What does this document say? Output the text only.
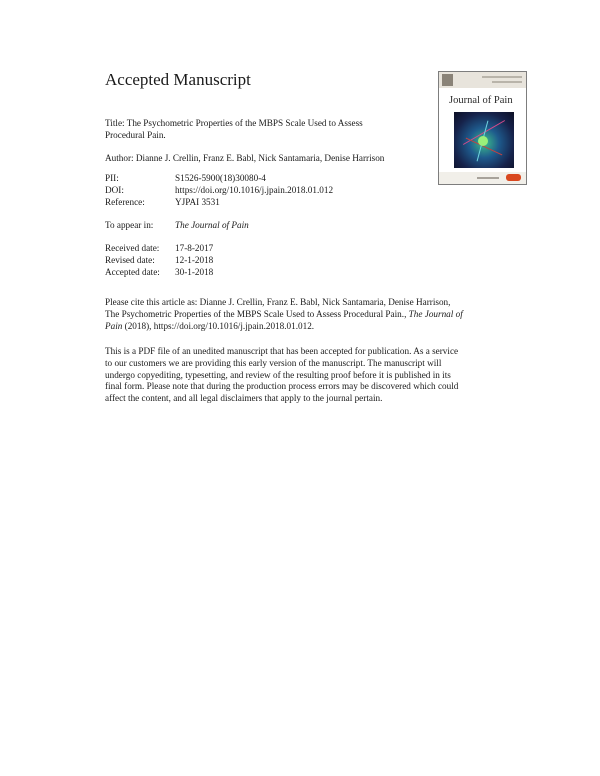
Accepted Manuscript
Title: The Psychometric Properties of the MBPS Scale Used to Assess
Procedural Pain.
Author: Dianne J. Crellin, Franz E. Babl, Nick Santamaria, Denise Harrison
PII:	S1526-5900(18)30080-4
DOI:	https://doi.org/10.1016/j.jpain.2018.01.012
Reference:	YJPAI 3531
To appear in:	The Journal of Pain
Received date:	17-8-2017
Revised date:	12-1-2018
Accepted date:	30-1-2018
Please cite this article as: Dianne J. Crellin, Franz E. Babl, Nick Santamaria, Denise Harrison,
The Psychometric Properties of the MBPS Scale Used to Assess Procedural Pain., The Journal of
Pain (2018), https://doi.org/10.1016/j.jpain.2018.01.012.
This is a PDF file of an unedited manuscript that has been accepted for publication. As a service
to our customers we are providing this early version of the manuscript. The manuscript will
undergo copyediting, typesetting, and review of the resulting proof before it is published in its
final form. Please note that during the production process errors may be discovered which could
affect the content, and all legal disclaimers that apply to the journal pertain.
Journal of Pain
